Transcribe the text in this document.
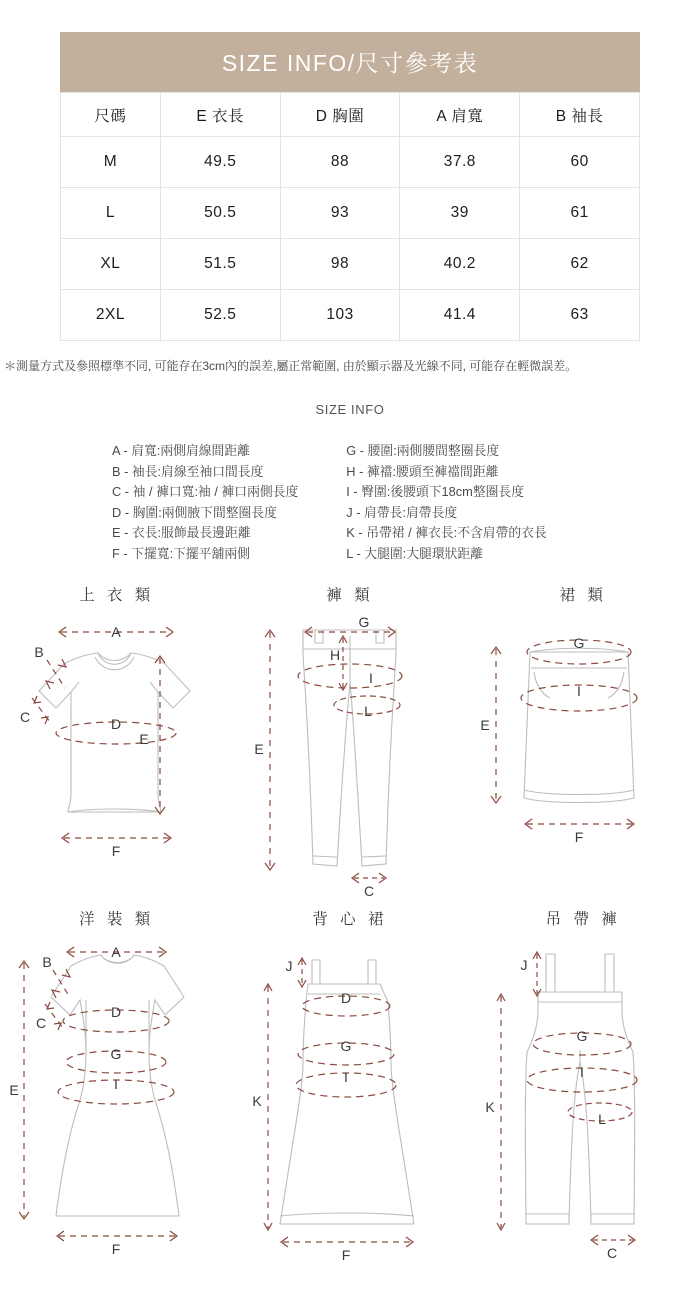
SIZE INFO/尺寸參考表
尺碼	E 衣長	D 胸圍	A 肩寬	B 袖長
M	49.5	88	37.8	60
L	50.5	93	39	61
XL	51.5	98	40.2	62
2XL	52.5	103	41.4	63
＊測量方式及參照標準不同, 可能存在3cm內的誤差,屬正常範圍, 由於顯示器及光線不同, 可能存在輕微誤差。
SIZE INFO
A - 肩寬:兩側肩線間距離
B - 袖長:肩線至袖口間長度
C - 袖 / 褲口寬:袖 / 褲口兩側長度
D - 胸圍:兩側腋下間整圈長度
E - 衣長:服飾最長邊距離
F - 下擺寬:下擺平舖兩側
G - 腰圍:兩側腰間整圈長度
H - 褲襠:腰頭至褲襠間距離
I - 臀圍:後腰頭下18cm整圈長度
J - 肩帶長:肩帶長度
K - 吊帶裙 / 褲衣長:不含肩帶的衣長
L - 大腿圍:大腿環狀距離
上 衣 類
A
B
C	D
E
F
褲 類
G
H
I
L
E
C
裙 類
G
I
E
F
洋 裝 類
A
B
C
D
G
I
E
F
背 心 裙
J
D
G
I
K
F
吊 帶 褲
J
G
I
L
K
C
